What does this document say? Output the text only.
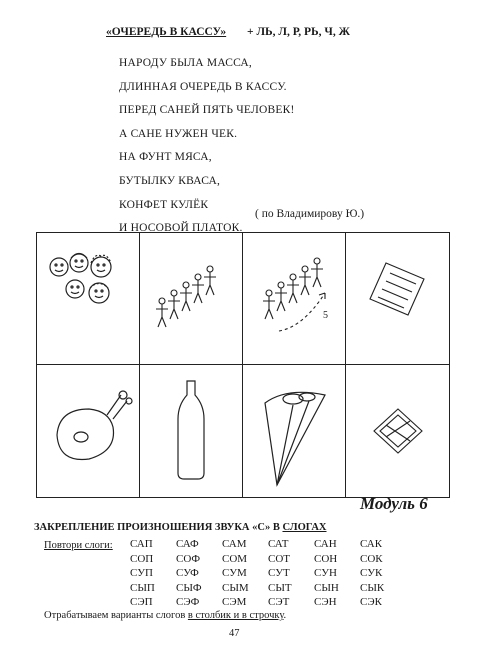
«ОЧЕРЕДЬ В КАССУ» + ЛЬ, Л, Р, РЬ, Ч, Ж
НАРОДУ БЫЛА МАССА,
ДЛИННАЯ ОЧЕРЕДЬ В КАССУ.
ПЕРЕД САНЕЙ ПЯТЬ ЧЕЛОВЕК!
А САНЕ НУЖЕН ЧЕК.
НА ФУНТ МЯСА,
БУТЫЛКУ КВАСА,
КОНФЕТ КУЛЁК
И НОСОВОЙ ПЛАТОК.
( по Владимирову Ю.)
5
Модуль 6
ЗАКРЕПЛЕНИЕ ПРОИЗНОШЕНИЯ ЗВУКА «С» В СЛОГАХ
Повтори слоги: САП	САФ	САМ	САТ	САН	САК
СОП	СОФ	СОМ	СОТ	СОН	СОК
СУП	СУФ	СУМ	СУТ	СУН	СУК
СЫП	СЫФ	СЫМ	СЫТ	СЫН	СЫК
СЭП	СЭФ	СЭМ	СЭТ	СЭН	СЭК
Отрабатываем варианты слогов в столбик и в строчку.
47
